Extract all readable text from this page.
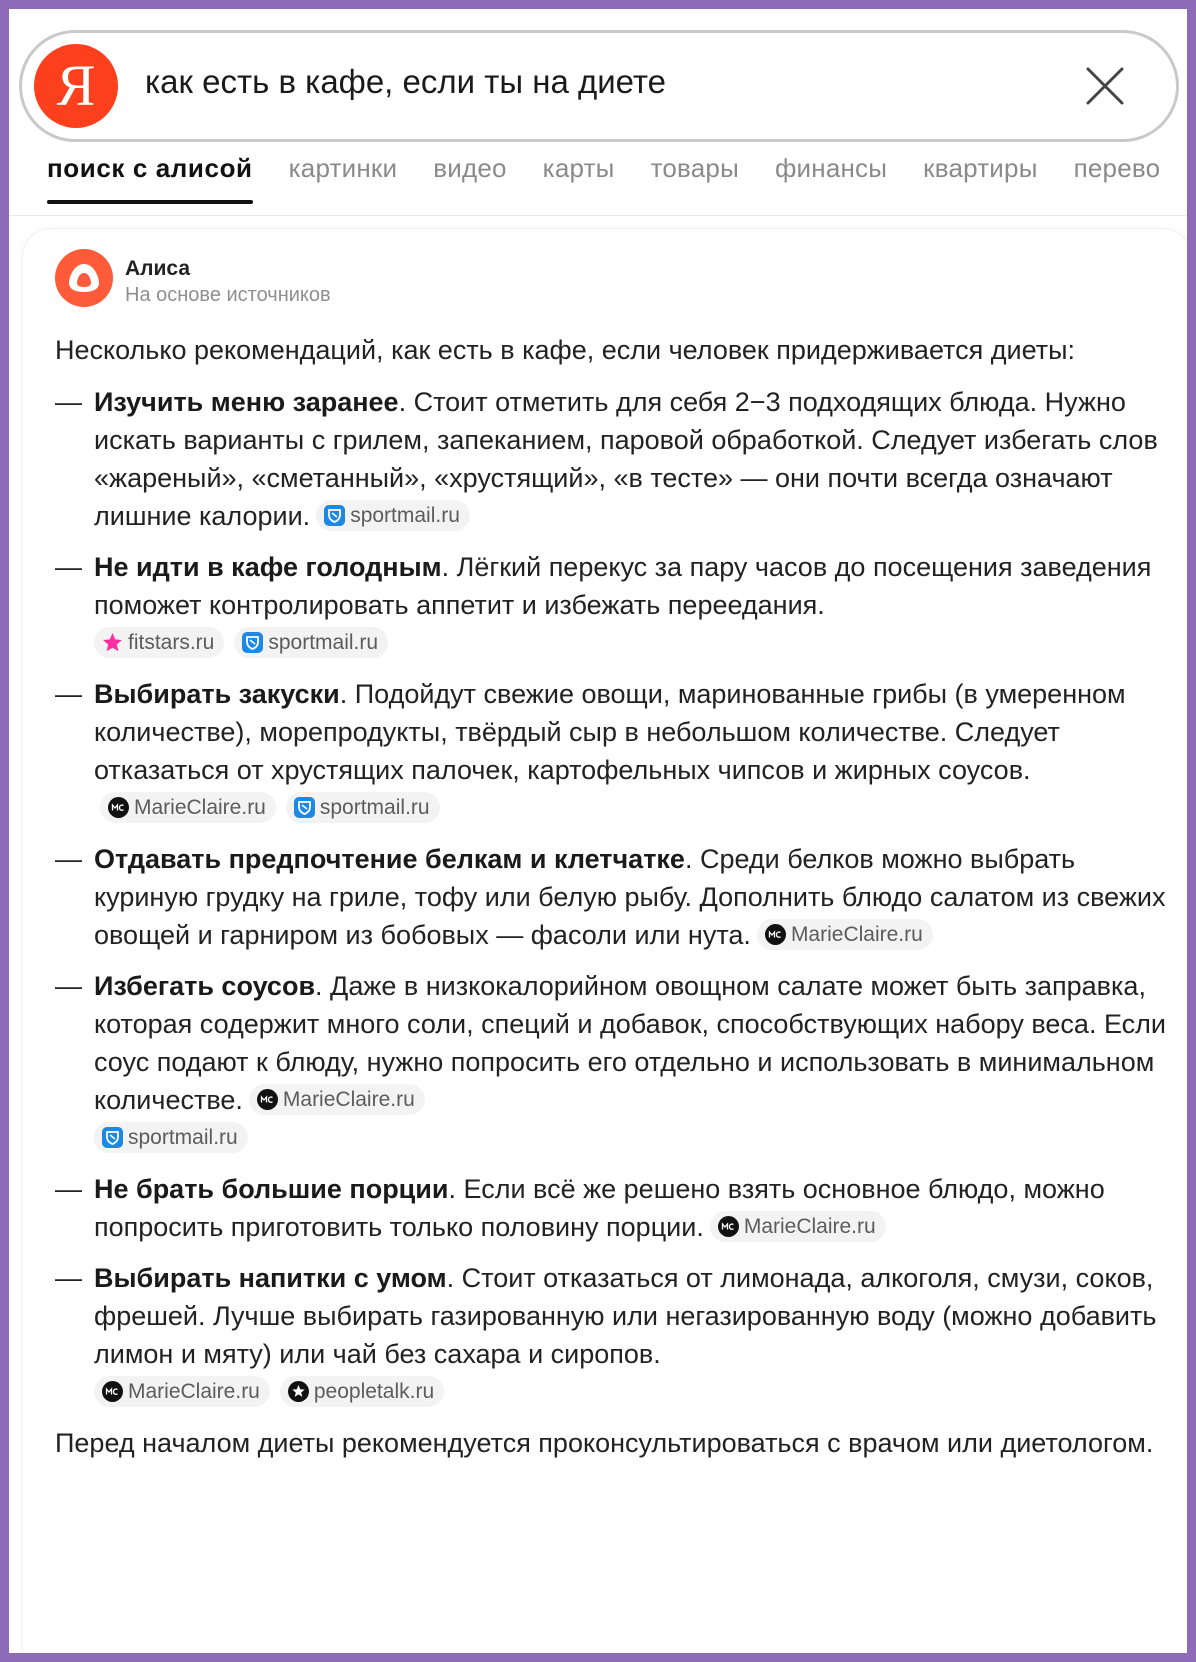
Я	как есть в кафе, если ты на диете
поиск с алисой картинки видео карты товары финансы квартиры перево
Алиса
На основе источников

Несколько рекомендаций, как есть в кафе, если человек придерживается диеты:

— Изучить меню заранее. Стоит отметить для себя 2−3 подходящих блюда. Нужно искать варианты с грилем, запеканием, паровой обработкой. Следует избегать слов «жареный», «сметанный», «хрустящий», «в тесте» — они почти всегда означают лишние калории. sportmail.ru
— Не идти в кафе голодным. Лёгкий перекус за пару часов до посещения заведения поможет контролировать аппетит и избежать переедания.

fitstars.ru	sportmail.ru
— Выбирать закуски. Подойдут свежие овощи, маринованные грибы (в умеренном количестве), морепродукты, твёрдый сыр в небольшом количестве. Следует отказаться от хрустящих палочек, картофельных чипсов и жирных соусов.
MarieClaire.ru	sportmail.ru
— Отдавать предпочтение белкам и клетчатке. Среди белков можно выбрать куриную грудку на гриле, тофу или белую рыбу. Дополнить блюдо салатом из свежих овощей и гарниром из бобовых — фасоли или нута. MarieClaire.ru
— Избегать соусов. Даже в низкокалорийном овощном салате может быть заправка, которая содержит много соли, специй и добавок, способствующих набору веса. Если соус подают к блюду, нужно попросить его отдельно и использовать в минимальном количестве. MarieClaire.ru

sportmail.ru
— Не брать большие порции. Если всё же решено взять основное блюдо, можно попросить приготовить только половину порции. MarieClaire.ru
— Выбирать напитки с умом. Стоит отказаться от лимонада, алкоголя, смузи, соков, фрешей. Лучше выбирать газированную или негазированную воду (можно добавить лимон и мяту) или чай без сахара и сиропов.

MarieClaire.ru	peopletalk.ru

Перед началом диеты рекомендуется проконсультироваться с врачом или диетологом.
